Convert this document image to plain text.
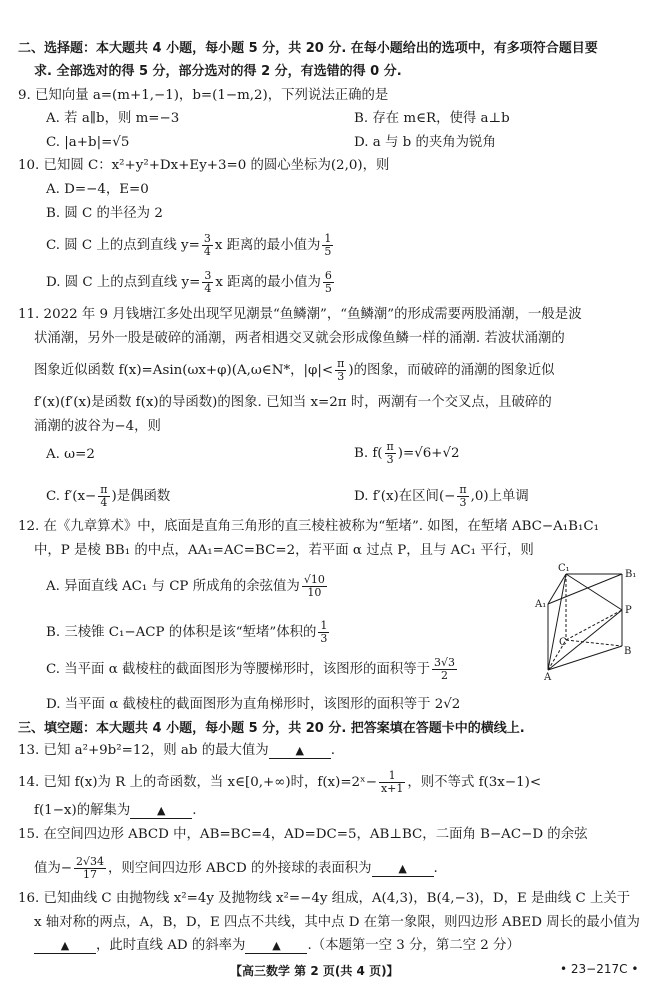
二、选择题：本大题共 4 小题，每小题 5 分，共 20 分. 在每小题给出的选项中，有多项符合题目要
求. 全部选对的得 5 分，部分选对的得 2 分，有选错的得 0 分.
9. 已知向量 a=(m+1,−1)，b=(1−m,2)，下列说法正确的是
A. 若 a∥b，则 m=−3	B. 存在 m∈R，使得 a⊥b
C. |a+b|=√5	D. a 与 b 的夹角为锐角
10. 已知圆 C：x²+y²+Dx+Ey+3=0 的圆心坐标为(2,0)，则
A. D=−4，E=0
B. 圆 C 的半径为 2
C. 圆 C 上的点到直线 $y= \frac{3}{4}$ x 距离的最小值为 $\frac{1}{5}$
D. 圆 C 上的点到直线 $y= \frac{3}{4}$ x 距离的最小值为 $\frac{6}{5}$
11. 2022 年 9 月钱塘江多处出现罕见潮景“鱼鳞潮”，“鱼鳞潮”的形成需要两股涌潮，一般是波
状涌潮，另外一股是破碎的涌潮，两者相遇交叉就会形成像鱼鳞一样的涌潮. 若波状涌潮的
图象近似函数 f(x)=Asin(ωx+φ)(A,ω∈N*，$|\varphi|< \frac{\pi}{3}$ )的图象，而破碎的涌潮的图象近似
f′(x)(f′(x)是函数 f(x)的导函数)的图象. 已知当 x=2π 时，两潮有一个交叉点，且破碎的
涌潮的波谷为−4，则
A. ω=2	B. $f( \frac{\pi}{3} )=√6+√2$
C. $f'(x- \frac{\pi}{4}$ )是偶函数	D. f′(x)在区间(− $\frac{\pi}{3} ,0$)上单调
12. 在《九章算术》中，底面是直角三角形的直三棱柱被称为“堑堵”. 如图，在堑堵 ABC−A₁B₁C₁
中，P 是棱 BB₁ 的中点，AA₁=AC=BC=2，若平面 α 过点 P，且与 AC₁ 平行，则
A. 异面直线 AC₁ 与 CP 所成角的余弦值为 $\frac{√10}{10}$
B. 三棱锥 C₁−ACP 的体积是该“堑堵”体积的 $\frac{1}{3}$
C. 当平面 α 截棱柱的截面图形为等腰梯形时，该图形的面积等于 $\frac{3√3}{2}$
D. 当平面 α 截棱柱的截面图形为直角梯形时，该图形的面积等于 2√2
C₁
B₁
A₁
P
C
B
A
三、填空题：本大题共 4 小题，每小题 5 分，共 20 分. 把答案填在答题卡中的横线上.
13. 已知 a²+9b²=12，则 ab 的最大值为 ▲ .
14. 已知 f(x)为 R 上的奇函数，当 x∈[0,+∞)时，f(x)=2ˣ− $\frac{1}{x+1}$ ，则不等式 f(3x−1)<
f(1−x)的解集为 ▲ .
15. 在空间四边形 ABCD 中，AB=BC=4，AD=DC=5，AB⊥BC，二面角 B−AC−D 的余弦
值为− $\frac{2√34}{17}$ ，则空间四边形 ABCD 的外接球的表面积为 ▲ .
16. 已知曲线 C 由抛物线 x²=4y 及抛物线 x²=−4y 组成，A(4,3)，B(4,−3)，D，E 是曲线 C 上关于
x 轴对称的两点，A，B，D，E 四点不共线，其中点 D 在第一象限，则四边形 ABED 周长的最小值为
▲ ，此时直线 AD 的斜率为 ▲ .（本题第一空 3 分，第二空 2 分）
【高三数学 第 2 页(共 4 页)】	• 23−217C •
